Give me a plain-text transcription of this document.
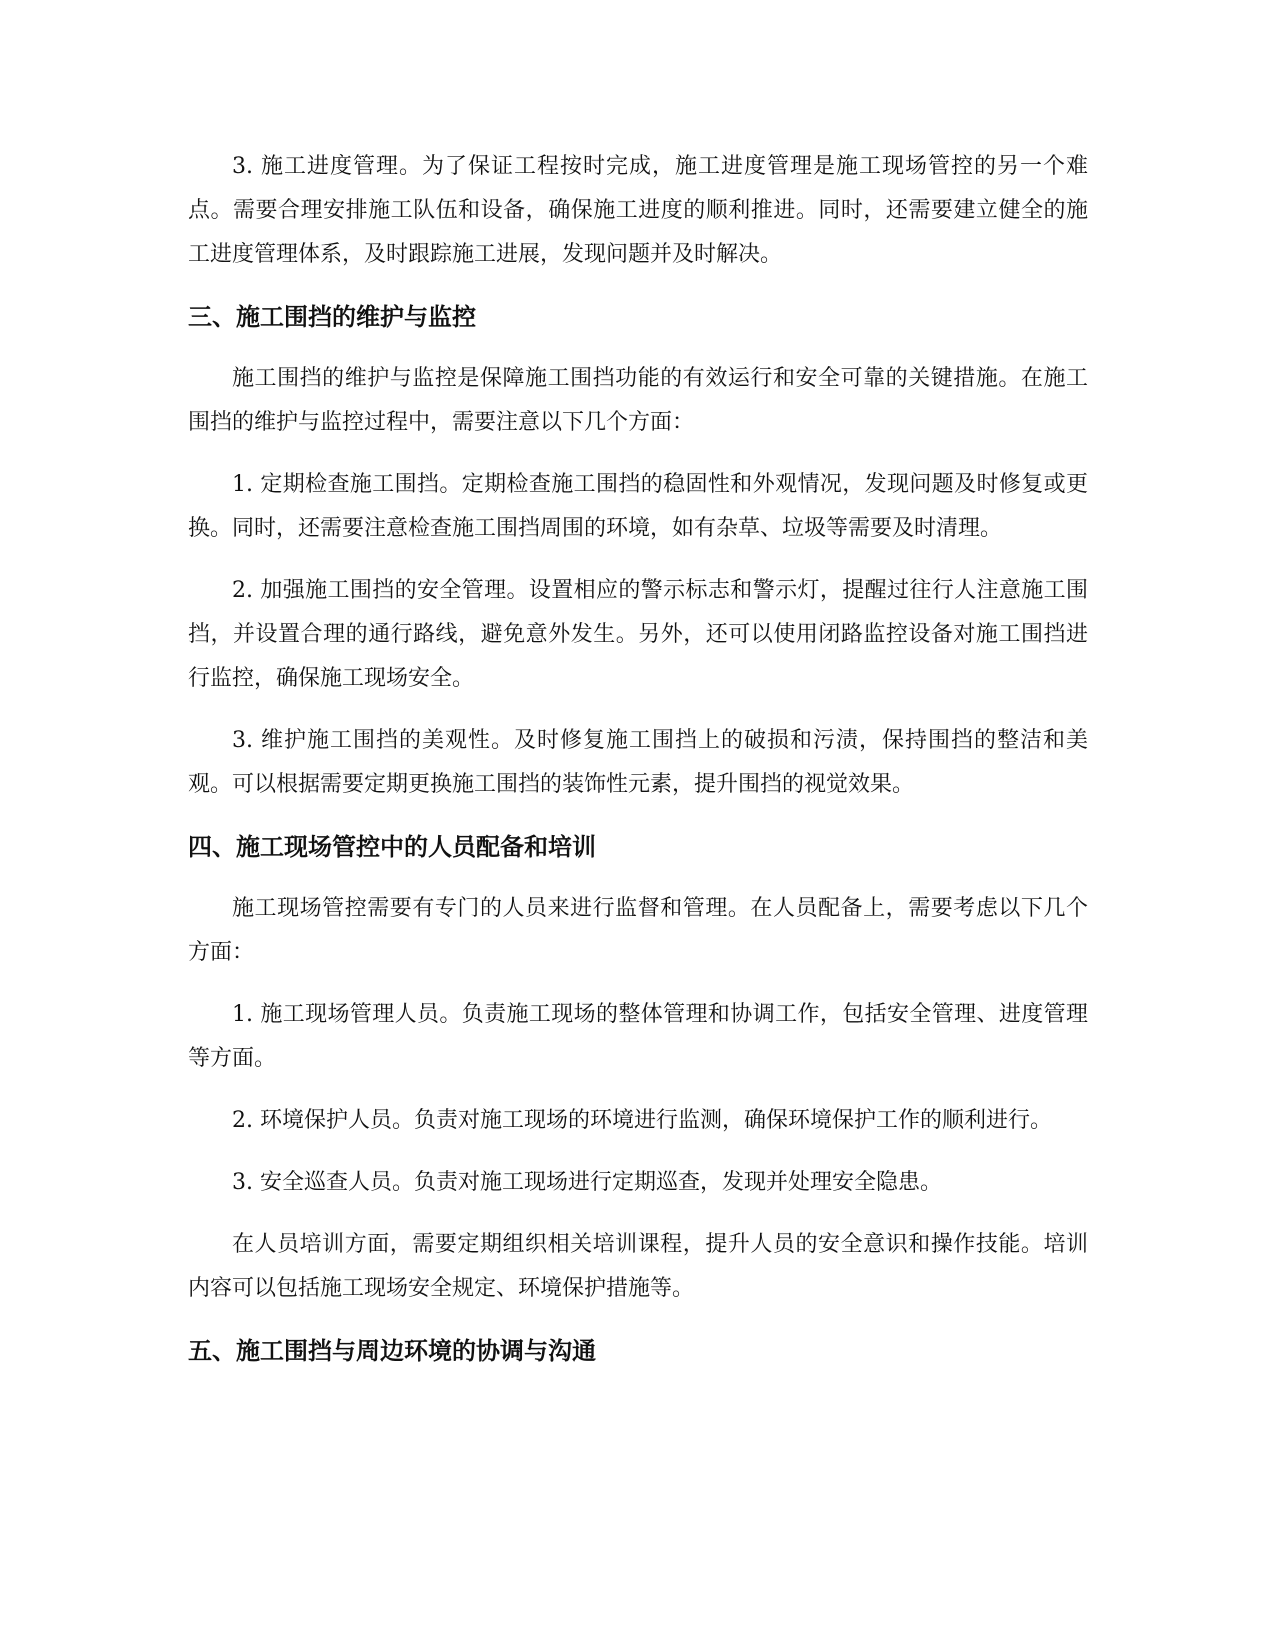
3. 施工进度管理。为了保证工程按时完成，施工进度管理是施工现场管控的另一个难点。需要合理安排施工队伍和设备，确保施工进度的顺利推进。同时，还需要建立健全的施工进度管理体系，及时跟踪施工进展，发现问题并及时解决。

三、施工围挡的维护与监控

施工围挡的维护与监控是保障施工围挡功能的有效运行和安全可靠的关键措施。在施工围挡的维护与监控过程中，需要注意以下几个方面：

1. 定期检查施工围挡。定期检查施工围挡的稳固性和外观情况，发现问题及时修复或更换。同时，还需要注意检查施工围挡周围的环境，如有杂草、垃圾等需要及时清理。

2. 加强施工围挡的安全管理。设置相应的警示标志和警示灯，提醒过往行人注意施工围挡，并设置合理的通行路线，避免意外发生。另外，还可以使用闭路监控设备对施工围挡进行监控，确保施工现场安全。

3. 维护施工围挡的美观性。及时修复施工围挡上的破损和污渍，保持围挡的整洁和美观。可以根据需要定期更换施工围挡的装饰性元素，提升围挡的视觉效果。

四、施工现场管控中的人员配备和培训

施工现场管控需要有专门的人员来进行监督和管理。在人员配备上，需要考虑以下几个方面：

1. 施工现场管理人员。负责施工现场的整体管理和协调工作，包括安全管理、进度管理等方面。

2. 环境保护人员。负责对施工现场的环境进行监测，确保环境保护工作的顺利进行。

3. 安全巡查人员。负责对施工现场进行定期巡查，发现并处理安全隐患。

在人员培训方面，需要定期组织相关培训课程，提升人员的安全意识和操作技能。培训内容可以包括施工现场安全规定、环境保护措施等。

五、施工围挡与周边环境的协调与沟通
